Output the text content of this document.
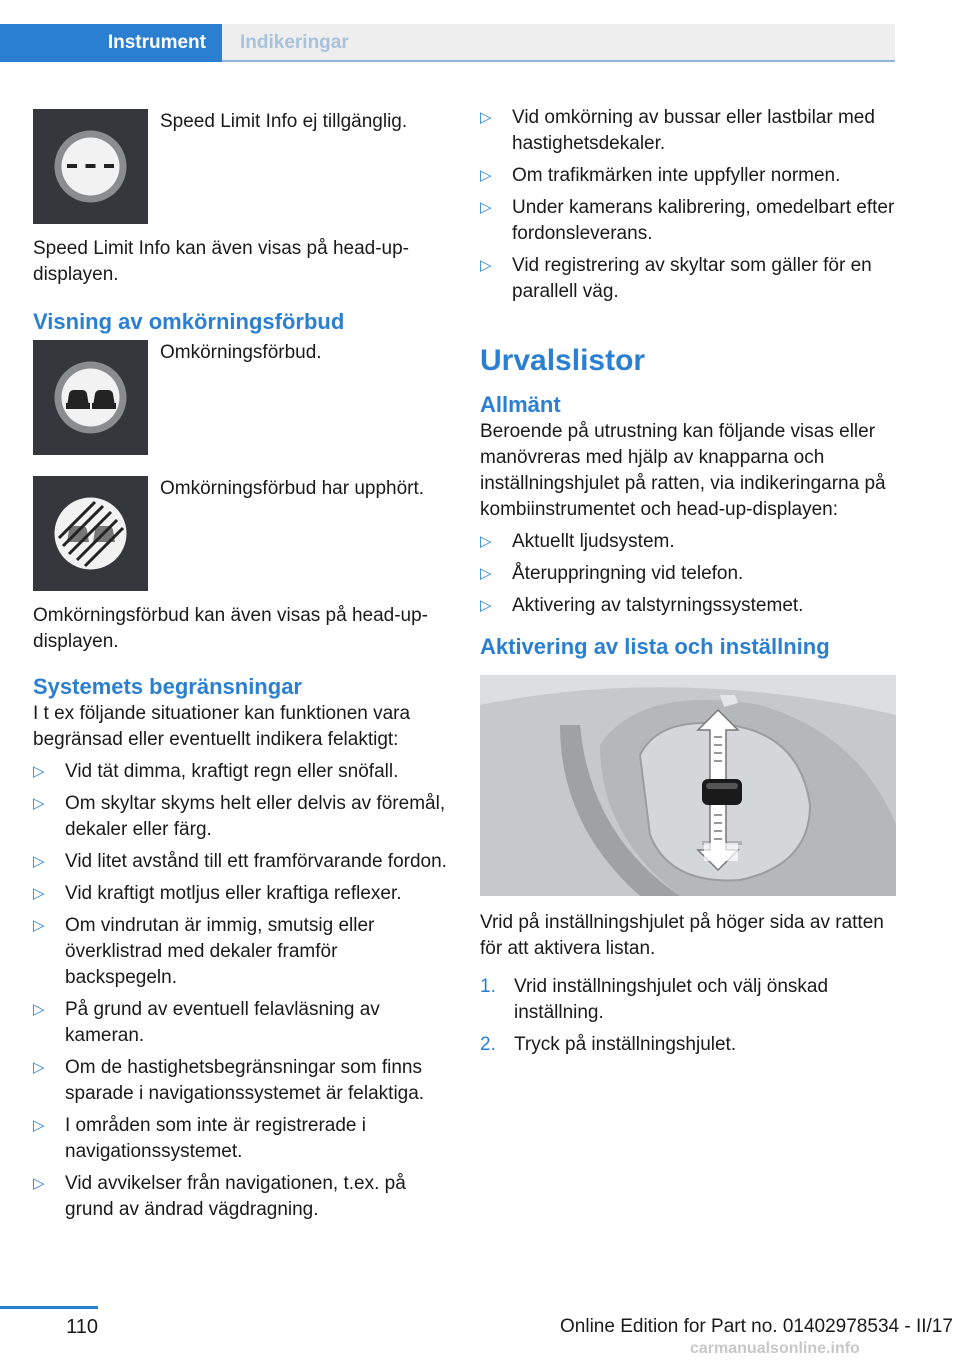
Instrument Indikeringar

Speed Limit Info ej tillgänglig.

Speed Limit Info kan även visas på head-up-displayen.

Visning av omkörningsförbud

Omkörningsförbud.

Omkörningsförbud har upphört.

Omkörningsförbud kan även visas på head-up-displayen.

Systemets begränsningar

I t ex följande situationer kan funktionen vara begränsad eller eventuellt indikera felaktigt:

▷ Vid tät dimma, kraftigt regn eller snöfall.
▷ Om skyltar skyms helt eller delvis av föremål, dekaler eller färg.
▷ Vid litet avstånd till ett framförvarande fordon.
▷ Vid kraftigt motljus eller kraftiga reflexer.
▷ Om vindrutan är immig, smutsig eller överklistrad med dekaler framför backspegeln.
▷ På grund av eventuell felavläsning av kameran.
▷ Om de hastighetsbegränsningar som finns sparade i navigationssystemet är felaktiga.
▷ I områden som inte är registrerade i navigationssystemet.
▷ Vid avvikelser från navigationen, t.ex. på grund av ändrad vägdragning.
▷ Vid omkörning av bussar eller lastbilar med hastighetsdekaler.
▷ Om trafikmärken inte uppfyller normen.
▷ Under kamerans kalibrering, omedelbart efter fordonsleverans.
▷ Vid registrering av skyltar som gäller för en parallell väg.

Urvalslistor

Allmänt

Beroende på utrustning kan följande visas eller manövreras med hjälp av knapparna och inställningshjulet på ratten, via indikeringarna på kombiinstrumentet och head-up-displayen:

▷ Aktuellt ljudsystem.
▷ Återuppringning vid telefon.
▷ Aktivering av talstyrningssystemet.

Aktivering av lista och inställning

Vrid på inställningshjulet på höger sida av ratten för att aktivera listan.

1. Vrid inställningshjulet och välj önskad inställning.
2. Tryck på inställningshjulet.
110	Online Edition for Part no. 01402978534 - II/17
carmanualsonline.info
